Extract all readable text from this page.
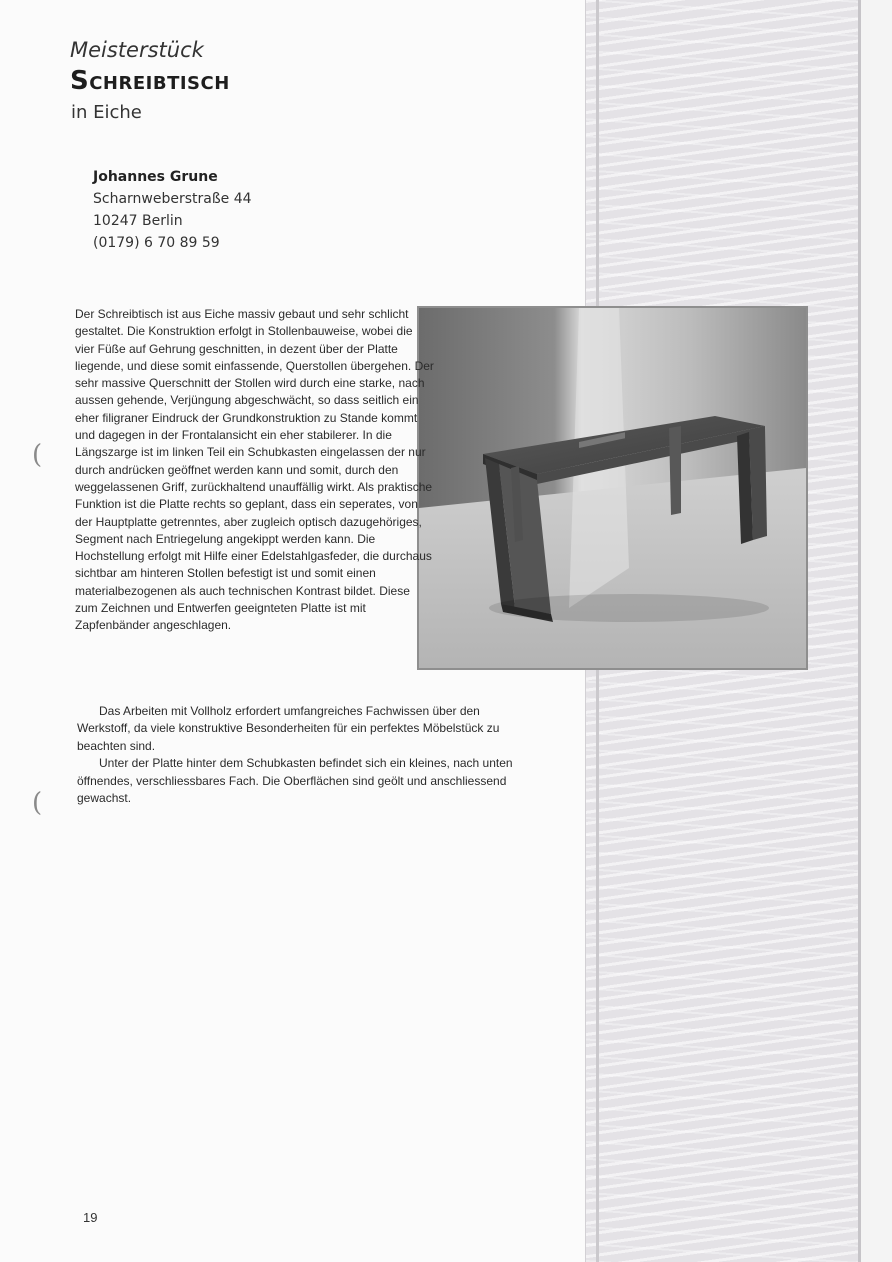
Meisterstück
Schreibtisch
in Eiche
Johannes Grune
Scharnweberstraße 44
10247 Berlin
(0179) 6 70 89 59

Der Schreibtisch ist aus Eiche massiv gebaut und sehr schlicht gestaltet. Die Konstruktion erfolgt in Stollenbauweise, wobei die vier Füße auf Gehrung geschnitten, in dezent über der Platte liegende, und diese somit einfassende, Querstollen übergehen. Der sehr massive Querschnitt der Stollen wird durch eine starke, nach aussen gehende, Verjüngung abgeschwächt, so dass seitlich ein eher filigraner Eindruck der Grundkonstruktion zu Stande kommt und dagegen in der Frontalansicht ein eher stabilerer. In die Längszarge ist im linken Teil ein Schubkasten eingelassen der nur durch andrücken geöffnet werden kann und somit, durch den weggelassenen Griff, zurückhaltend unauffällig wirkt. Als praktische Funktion ist die Platte rechts so geplant, dass ein seperates, von der Hauptplatte getrenntes, aber zugleich optisch dazugehöriges, Segment nach Entriegelung angekippt werden kann. Die Hochstellung erfolgt mit Hilfe einer Edelstahlgasfeder, die durchaus sichtbar am hinteren Stollen befestigt ist und somit einen materialbezogenen als auch technischen Kontrast bildet. Diese zum Zeichnen und Entwerfen geeignteten Platte ist mit Zapfenbänder angeschlagen.

Das Arbeiten mit Vollholz erfordert umfangreiches Fachwissen über den Werkstoff, da viele konstruktive Besonderheiten für ein perfektes Möbelstück zu beachten sind.

Unter der Platte hinter dem Schubkasten befindet sich ein kleines, nach unten öffnendes, verschliessbares Fach. Die Oberflächen sind geölt und anschliessend gewachst.

(
(
19
